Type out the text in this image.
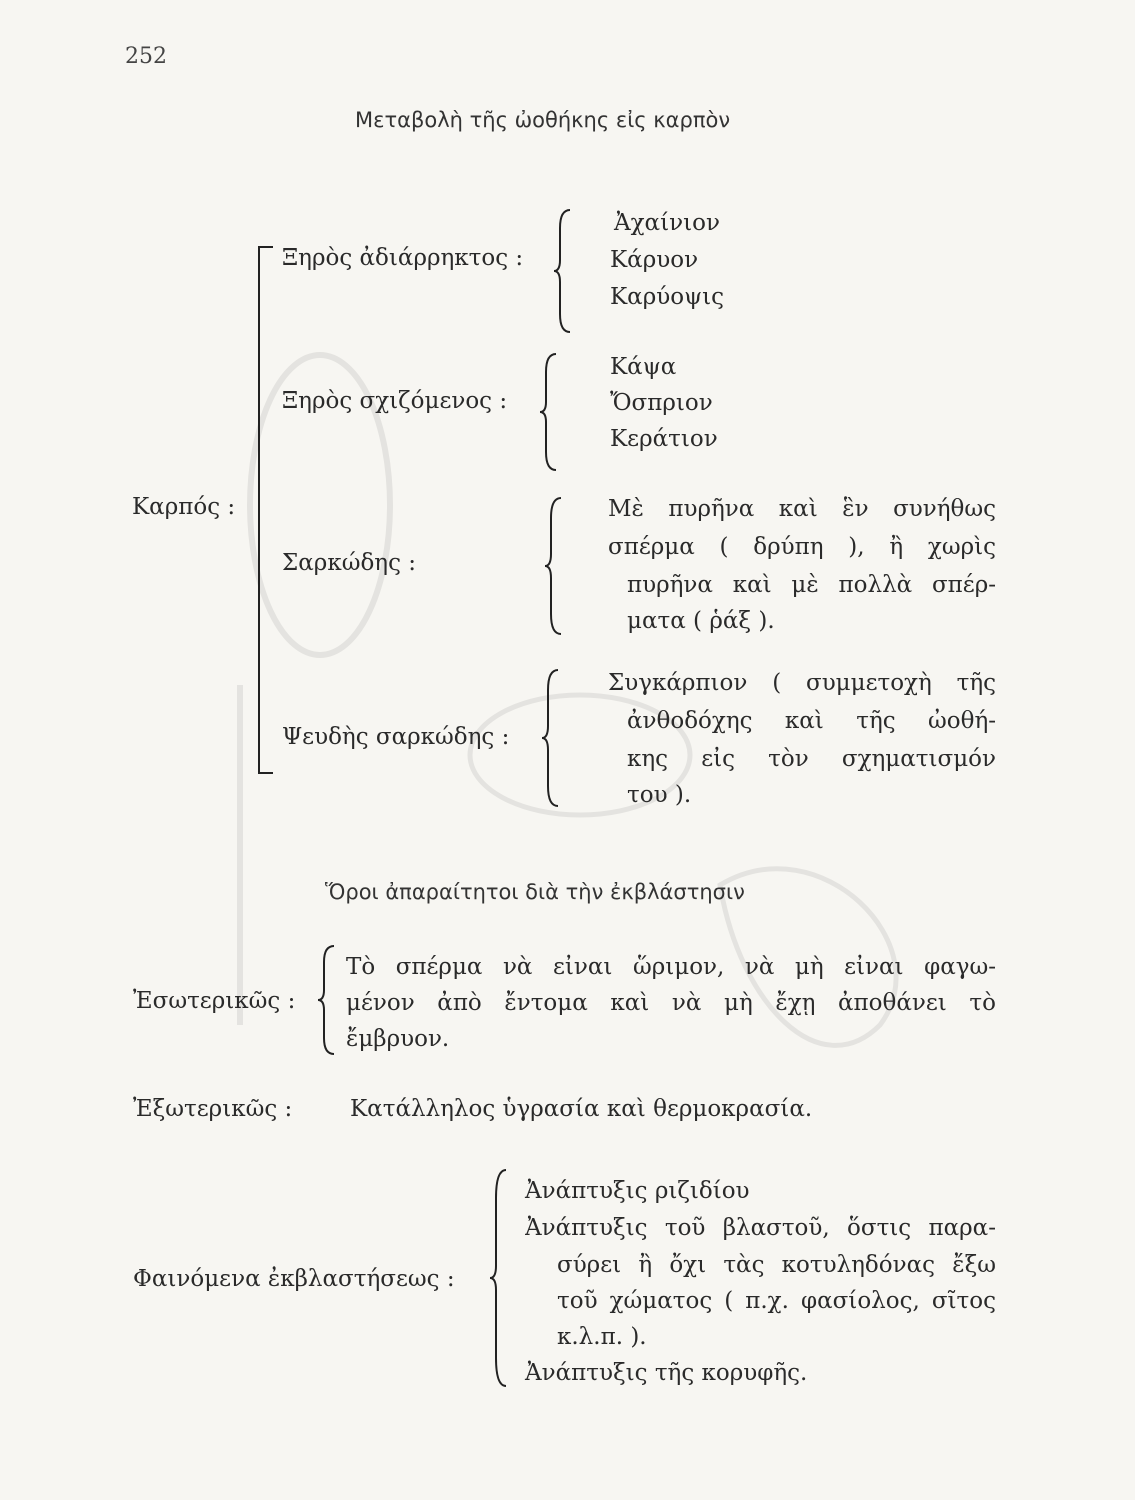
252
Μεταβολὴ τῆς ὠοθήκης εἰς καρπὸν
Καρπός :
Ξηρὸς ἀδιάρρηκτος :
Ἀχαίνιον
Κάρυον
Καρύοψις
Ξηρὸς σχιζόμενος :
Κάψα
Ὄσπριον
Κεράτιον
Σαρκώδης :
Μὲ πυρῆνα καὶ ἓν συνήθως
σπέρμα ( δρύπη ), ἢ χωρὶς
πυρῆνα καὶ μὲ πολλὰ σπέρ-
ματα ( ῥάξ ).
Ψευδὴς σαρκώδης :
Συγκάρπιον ( συμμετοχὴ τῆς
ἀνθοδόχης καὶ τῆς ὠοθή-
κης εἰς τὸν σχηματισμόν
του ).
Ὅροι ἀπαραίτητοι διὰ τὴν ἐκβλάστησιν
Ἐσωτερικῶς :
Τὸ σπέρμα νὰ εἶναι ὥριμον, νὰ μὴ εἶναι φαγω-
μένον ἀπὸ ἔντομα καὶ νὰ μὴ ἔχῃ ἀποθάνει τὸ
ἔμβρυον.
Ἐξωτερικῶς :	Κατάλληλος ὑγρασία καὶ θερμοκρασία.
Φαινόμενα ἐκβλαστήσεως :
Ἀνάπτυξις ριζιδίου
Ἀνάπτυξις τοῦ βλαστοῦ, ὅστις παρα-
σύρει ἢ ὄχι τὰς κοτυληδόνας ἔξω
τοῦ χώματος ( π.χ. φασίολος, σῖτος
κ.λ.π. ).
Ἀνάπτυξις τῆς κορυφῆς.
